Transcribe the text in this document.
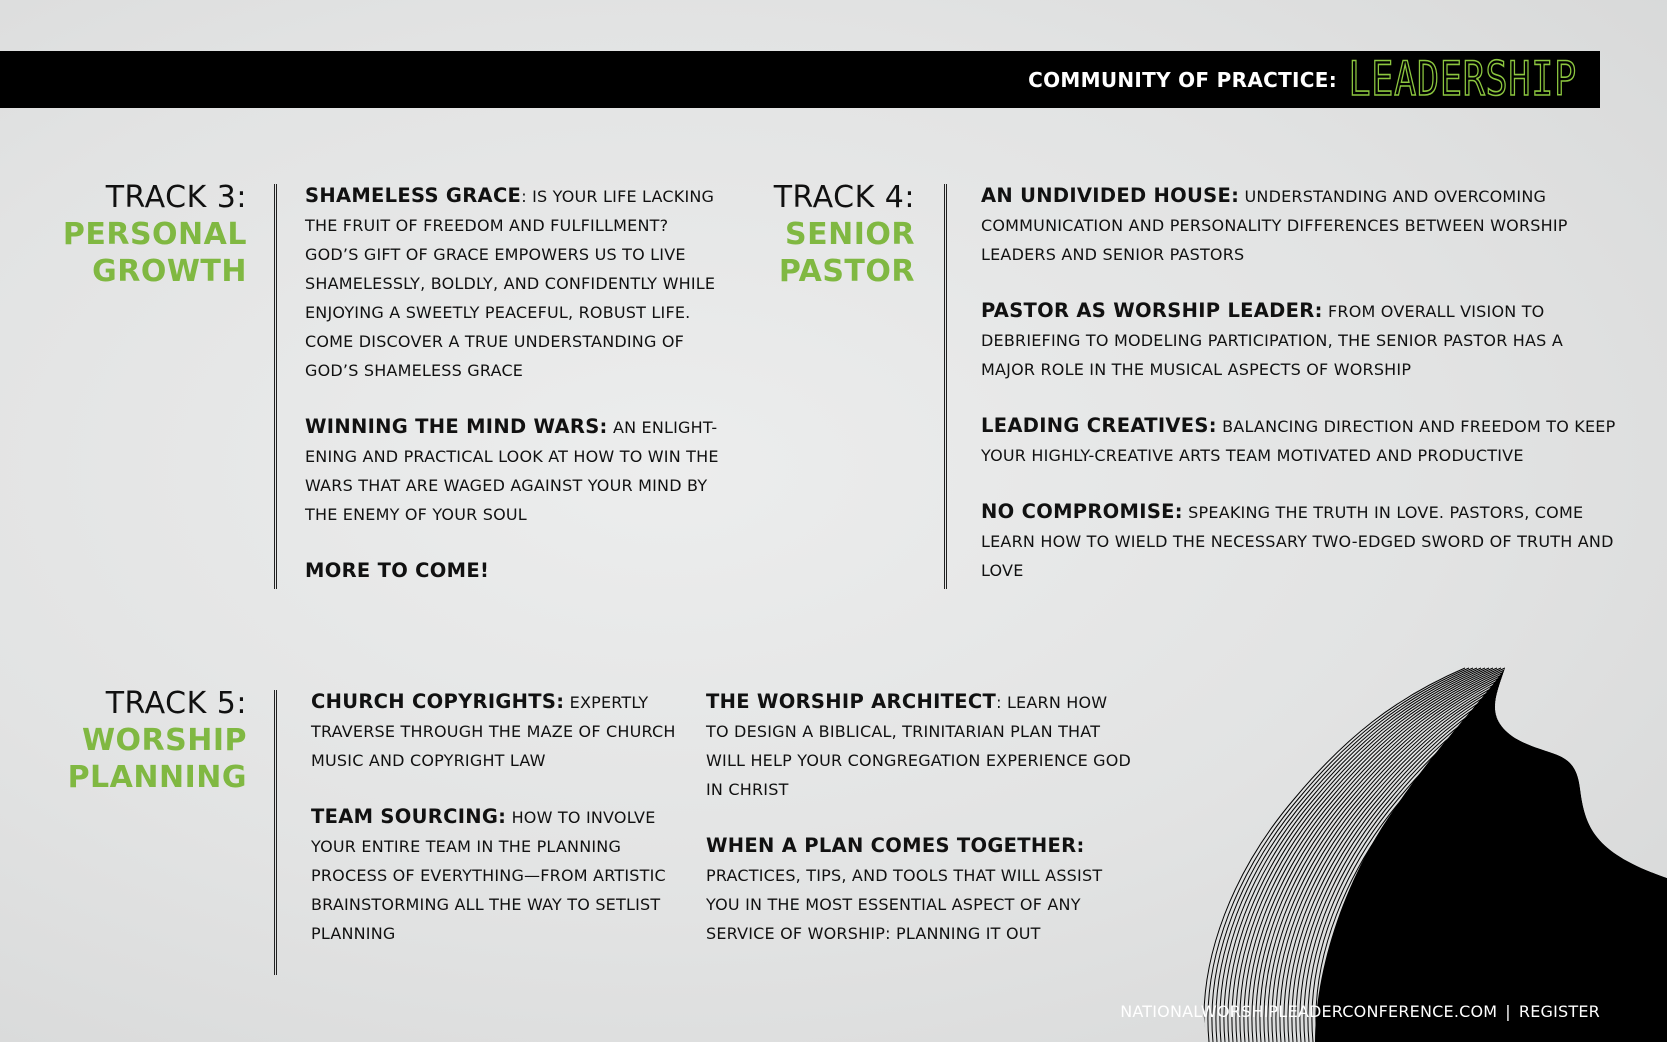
COMMUNITY OF PRACTICE: LEADERSHIP
TRACK 3:
PERSONAL
GROWTH

SHAMELESS GRACE: IS YOUR LIFE LACKING THE FRUIT OF FREEDOM AND FULFILLMENT? GOD’S GIFT OF GRACE EMPOWERS US TO LIVE SHAMELESSLY, BOLDLY, AND CONFIDENTLY WHILE ENJOYING A SWEETLY PEACEFUL, ROBUST LIFE. COME DISCOVER A TRUE UNDERSTANDING OF GOD’S SHAMELESS GRACE

WINNING THE MIND WARS: AN ENLIGHT-ENING AND PRACTICAL LOOK AT HOW TO WIN THE WARS THAT ARE WAGED AGAINST YOUR MIND BY THE ENEMY OF YOUR SOUL

MORE TO COME!

TRACK 4:
SENIOR
PASTOR

AN UNDIVIDED HOUSE: UNDERSTANDING AND OVERCOMING COMMUNICATION AND PERSONALITY DIFFERENCES BETWEEN WORSHIP LEADERS AND SENIOR PASTORS

PASTOR AS WORSHIP LEADER: FROM OVERALL VISION TO DEBRIEFING TO MODELING PARTICIPATION, THE SENIOR PASTOR HAS A MAJOR ROLE IN THE MUSICAL ASPECTS OF WORSHIP

LEADING CREATIVES: BALANCING DIRECTION AND FREEDOM TO KEEP YOUR HIGHLY-CREATIVE ARTS TEAM MOTIVATED AND PRODUCTIVE

NO COMPROMISE: SPEAKING THE TRUTH IN LOVE. PASTORS, COME LEARN HOW TO WIELD THE NECESSARY TWO-EDGED SWORD OF TRUTH AND LOVE

TRACK 5:
WORSHIP
PLANNING

CHURCH COPYRIGHTS: EXPERTLY TRAVERSE THROUGH THE MAZE OF CHURCH MUSIC AND COPYRIGHT LAW

TEAM SOURCING: HOW TO INVOLVE YOUR ENTIRE TEAM IN THE PLANNING PROCESS OF EVERYTHING—FROM ARTISTIC BRAINSTORMING ALL THE WAY TO SETLIST PLANNING

THE WORSHIP ARCHITECT: LEARN HOW TO DESIGN A BIBLICAL, TRINITARIAN PLAN THAT WILL HELP YOUR CONGREGATION EXPERIENCE GOD IN CHRIST

WHEN A PLAN COMES TOGETHER: PRACTICES, TIPS, AND TOOLS THAT WILL ASSIST YOU IN THE MOST ESSENTIAL ASPECT OF ANY SERVICE OF WORSHIP: PLANNING IT OUT

NATIONALWORSHIPLEADERCONFERENCE.COM | REGISTER
